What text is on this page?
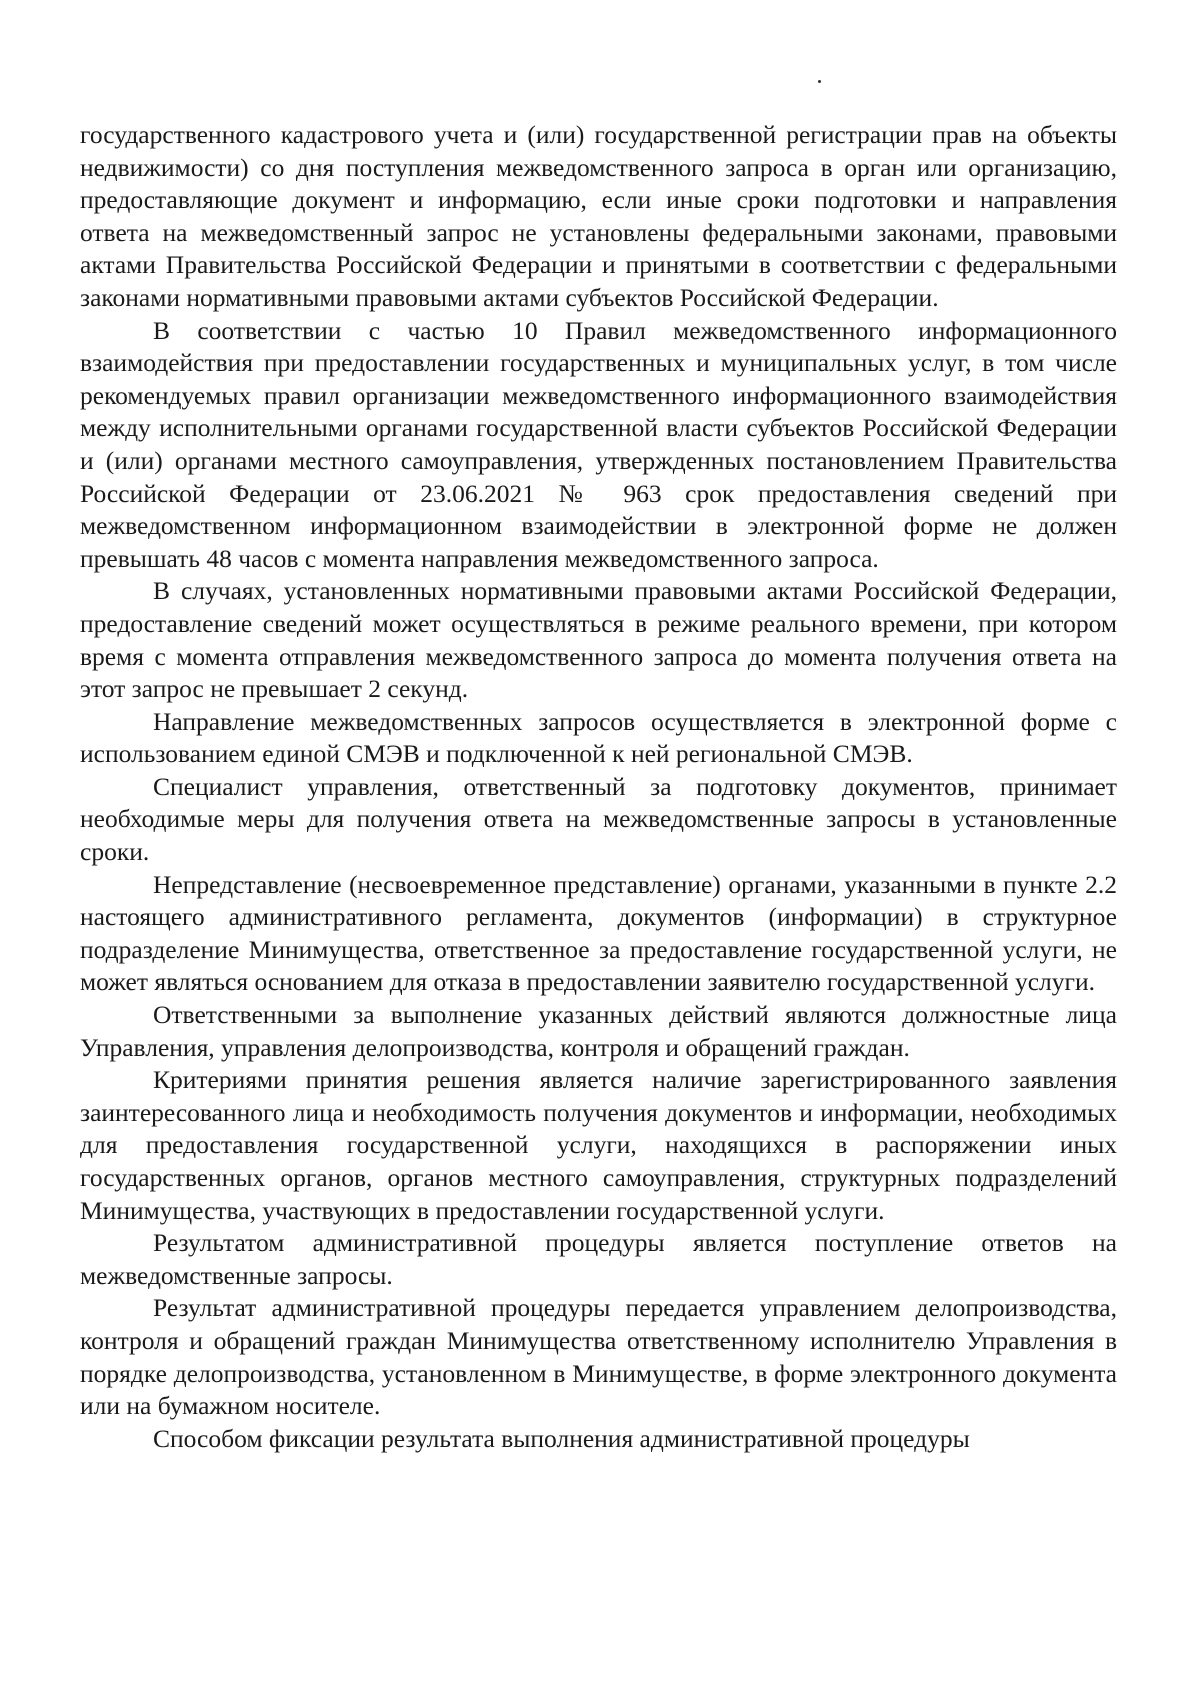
государственного кадастрового учета и (или) государственной регистрации прав на объекты недвижимости) со дня поступления межведомственного запроса в орган или организацию, предоставляющие документ и информацию, если иные сроки подготовки и направления ответа на межведомственный запрос не установлены федеральными законами, правовыми актами Правительства Российской Федерации и принятыми в соответствии с федеральными законами нормативными правовыми актами субъектов Российской Федерации.

В соответствии с частью 10 Правил межведомственного информационного взаимодействия при предоставлении государственных и муниципальных услуг, в том числе рекомендуемых правил организации межведомственного информационного взаимодействия между исполнительными органами государственной власти субъектов Российской Федерации и (или) органами местного самоуправления, утвержденных постановлением Правительства Российской Федерации от 23.06.2021 № 963 срок предоставления сведений при межведомственном информационном взаимодействии в электронной форме не должен превышать 48 часов с момента направления межведомственного запроса.

В случаях, установленных нормативными правовыми актами Российской Федерации, предоставление сведений может осуществляться в режиме реального времени, при котором время с момента отправления межведомственного запроса до момента получения ответа на этот запрос не превышает 2 секунд.

Направление межведомственных запросов осуществляется в электронной форме с использованием единой СМЭВ и подключенной к ней региональной СМЭВ.

Специалист управления, ответственный за подготовку документов, принимает необходимые меры для получения ответа на межведомственные запросы в установленные сроки.

Непредставление (несвоевременное представление) органами, указанными в пункте 2.2 настоящего административного регламента, документов (информации) в структурное подразделение Минимущества, ответственное за предоставление государственной услуги, не может являться основанием для отказа в предоставлении заявителю государственной услуги.

Ответственными за выполнение указанных действий являются должностные лица Управления, управления делопроизводства, контроля и обращений граждан.

Критериями принятия решения является наличие зарегистрированного заявления заинтересованного лица и необходимость получения документов и информации, необходимых для предоставления государственной услуги, находящихся в распоряжении иных государственных органов, органов местного самоуправления, структурных подразделений Минимущества, участвующих в предоставлении государственной услуги.

Результатом административной процедуры является поступление ответов на межведомственные запросы.

Результат административной процедуры передается управлением делопроизводства, контроля и обращений граждан Минимущества ответственному исполнителю Управления в порядке делопроизводства, установленном в Минимуществе, в форме электронного документа или на бумажном носителе.

Способом фиксации результата выполнения административной процедуры
